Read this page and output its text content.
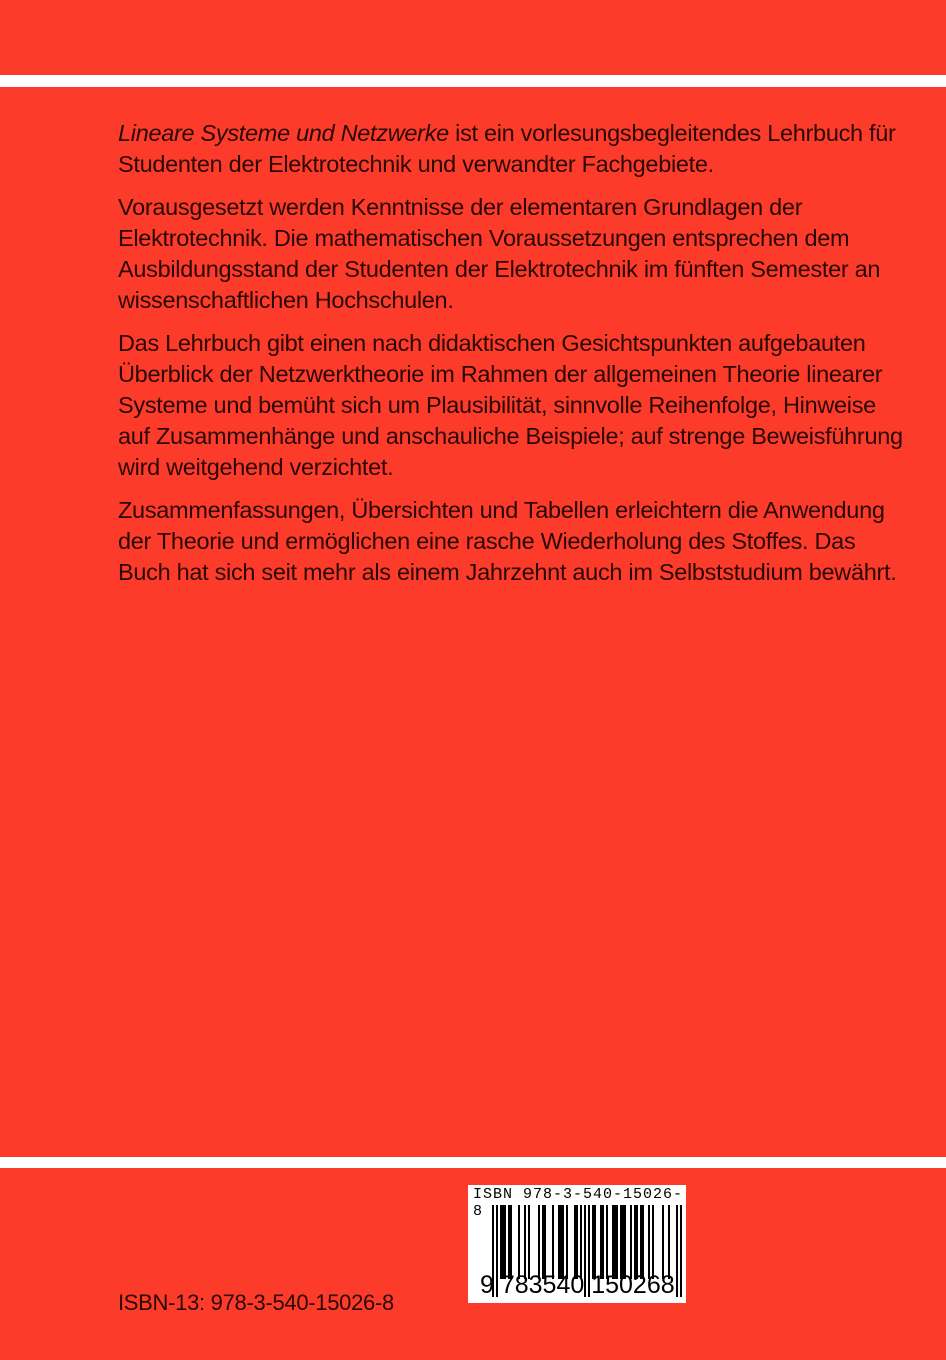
Lineare Systeme und Netzwerke ist ein vorlesungsbegleitendes Lehrbuch für Studenten der Elektrotechnik und verwandter Fachgebiete.

Vorausgesetzt werden Kenntnisse der elementaren Grundlagen der Elektrotechnik. Die mathematischen Voraussetzungen entsprechen dem Ausbildungsstand der Studenten der Elektrotechnik im fünften Semester an wissenschaftlichen Hochschulen.

Das Lehrbuch gibt einen nach didaktischen Gesichtspunkten aufgebauten Überblick der Netzwerktheorie im Rahmen der allgemeinen Theorie linearer Systeme und bemüht sich um Plausibilität, sinnvolle Reihenfolge, Hinweise auf Zusammenhänge und anschauliche Beispiele; auf strenge Beweisführung wird weitgehend verzichtet.

Zusammenfassungen, Übersichten und Tabellen erleichtern die Anwendung der Theorie und ermöglichen eine rasche Wiederholung des Stoffes. Das Buch hat sich seit mehr als einem Jahrzehnt auch im Selbststudium bewährt.

ISBN-13: 978-3-540-15026-8
ISBN 978-3-540-15026-8
9 783540 150268
